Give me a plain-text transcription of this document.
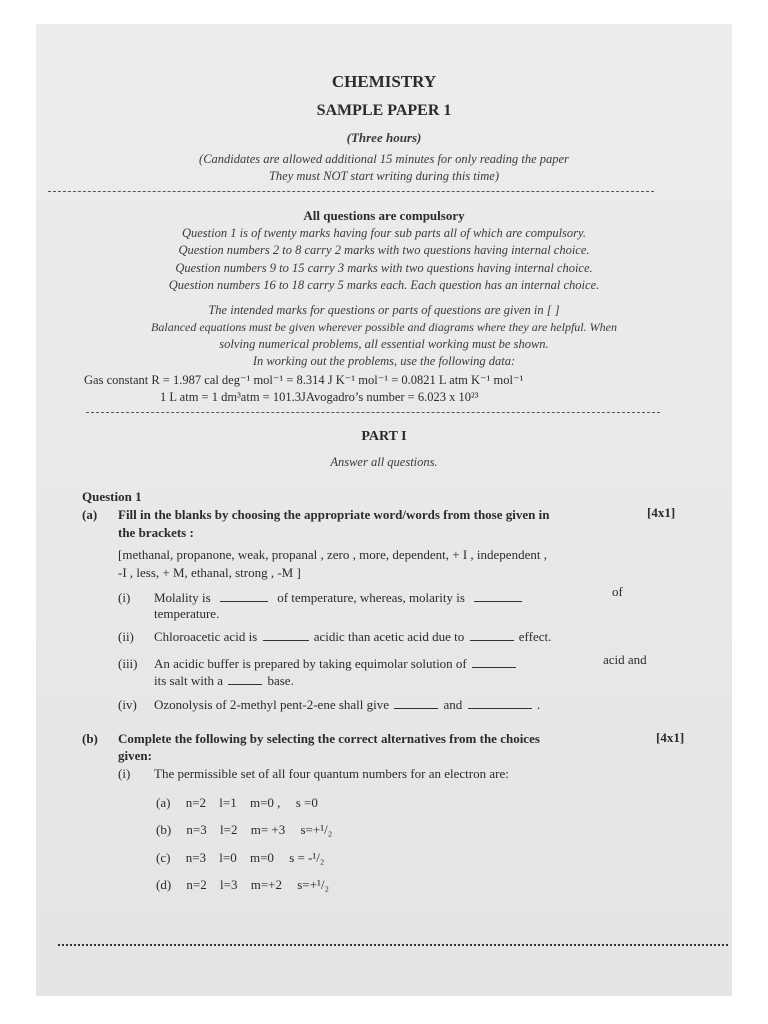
CHEMISTRY
SAMPLE PAPER 1
(Three hours)
(Candidates are allowed additional 15 minutes for only reading the paper
They must NOT start writing during this time)
All questions are compulsory
Question 1 is of twenty marks having four sub parts all of which are compulsory.
Question numbers 2 to 8 carry 2 marks with two questions having internal choice.
Question numbers 9 to 15 carry 3 marks with two questions having internal choice.
Question numbers 16 to 18 carry 5 marks each. Each question has an internal choice.
The intended marks for questions or parts of questions are given in [ ]
Balanced equations must be given wherever possible and diagrams where they are helpful. When
solving numerical problems, all essential working must be shown.
In working out the problems, use the following data:
Gas constant R = 1.987 cal deg⁻¹ mol⁻¹ = 8.314 J K⁻¹ mol⁻¹ = 0.0821 L atm K⁻¹ mol⁻¹
1 L atm = 1 dm³atm = 101.3JAvogadro’s number = 6.023 x 10²³
PART I
Answer all questions.
Question 1
(a) Fill in the blanks by choosing the appropriate word/words from those given in
the brackets :
[4x1]
[methanal, propanone, weak, propanal , zero , more, dependent, + I , independent ,
-I , less, + M, ethanal, strong , -M ]
(i) Molality is	of temperature, whereas, molarity is	of
temperature.
(ii) Chloroacetic acid is	acidic than acetic acid due to	effect.
(iii) An acidic buffer is prepared by taking equimolar solution of	acid and
its salt with a	base.
(iv) Ozonolysis of 2-methyl pent-2-ene shall give	and	.
(b) Complete the following by selecting the correct alternatives from the choices
given:
[4x1]
(i) The permissible set of all four quantum numbers for an electron are:
(a) n=2 l=1 m=0 , s =0
(b) n=3 l=2 m= +3 s=+¹/₂
(c) n=3 l=0 m=0 s = -¹/₂
(d) n=2 l=3 m=+2 s=+¹/₂
